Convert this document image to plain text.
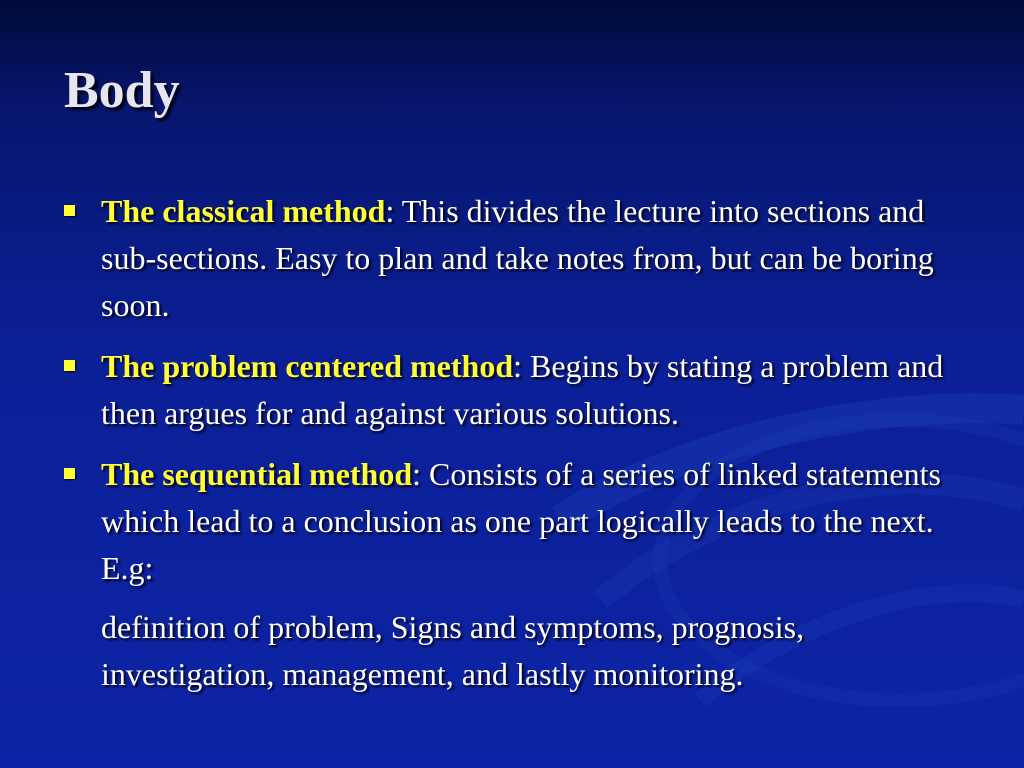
Body
The classical method: This divides the lecture into sections and sub-sections. Easy to plan and take notes from, but can be boring soon.
The problem centered method: Begins by stating a problem and then argues for and against various solutions.
The sequential method: Consists of a series of linked statements which lead to a conclusion as one part logically leads to the next. E.g:
definition of problem, Signs and symptoms, prognosis, investigation, management, and lastly monitoring.
